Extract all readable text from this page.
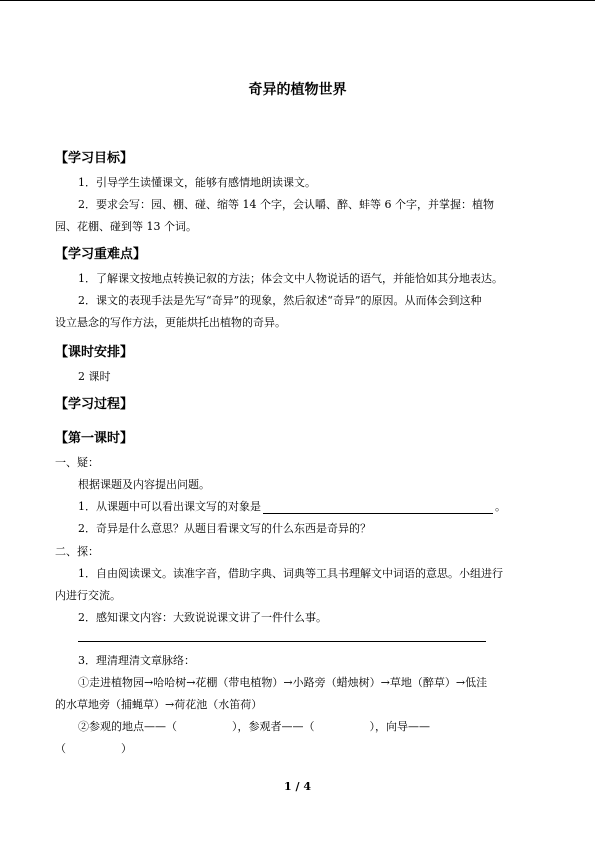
奇异的植物世界
【学习目标】
1．引导学生读懂课文，能够有感情地朗读课文。
2．要求会写：园、棚、碰、缩等 14 个字，会认嚼、醉、蚌等 6 个字，并掌握：植物
园、花棚、碰到等 13 个词。
【学习重难点】
1．了解课文按地点转换记叙的方法；体会文中人物说话的语气，并能恰如其分地表达。
2．课文的表现手法是先写“奇异”的现象，然后叙述“奇异”的原因。从而体会到这种
设立悬念的写作方法，更能烘托出植物的奇异。
【课时安排】
2 课时
【学习过程】
【第一课时】
一、疑：
根据课题及内容提出问题。
1．从课题中可以看出课文写的对象是	。
2．奇异是什么意思？从题目看课文写的什么东西是奇异的？
二、探：
1．自由阅读课文。读准字音，借助字典、词典等工具书理解文中词语的意思。小组进行
内进行交流。
2．感知课文内容：大致说说课文讲了一件什么事。
3．理清理清文章脉络：
①走进植物园→哈哈树→花棚（带电植物）→小路旁（蜡烛树）→草地（醉草）→低洼
的水草地旁（捕蝇草）→荷花池（水笛荷）
②参观的地点——（　　　　　），参观者——（　　　　　），向导——
（　　　　　）
1 / 4
